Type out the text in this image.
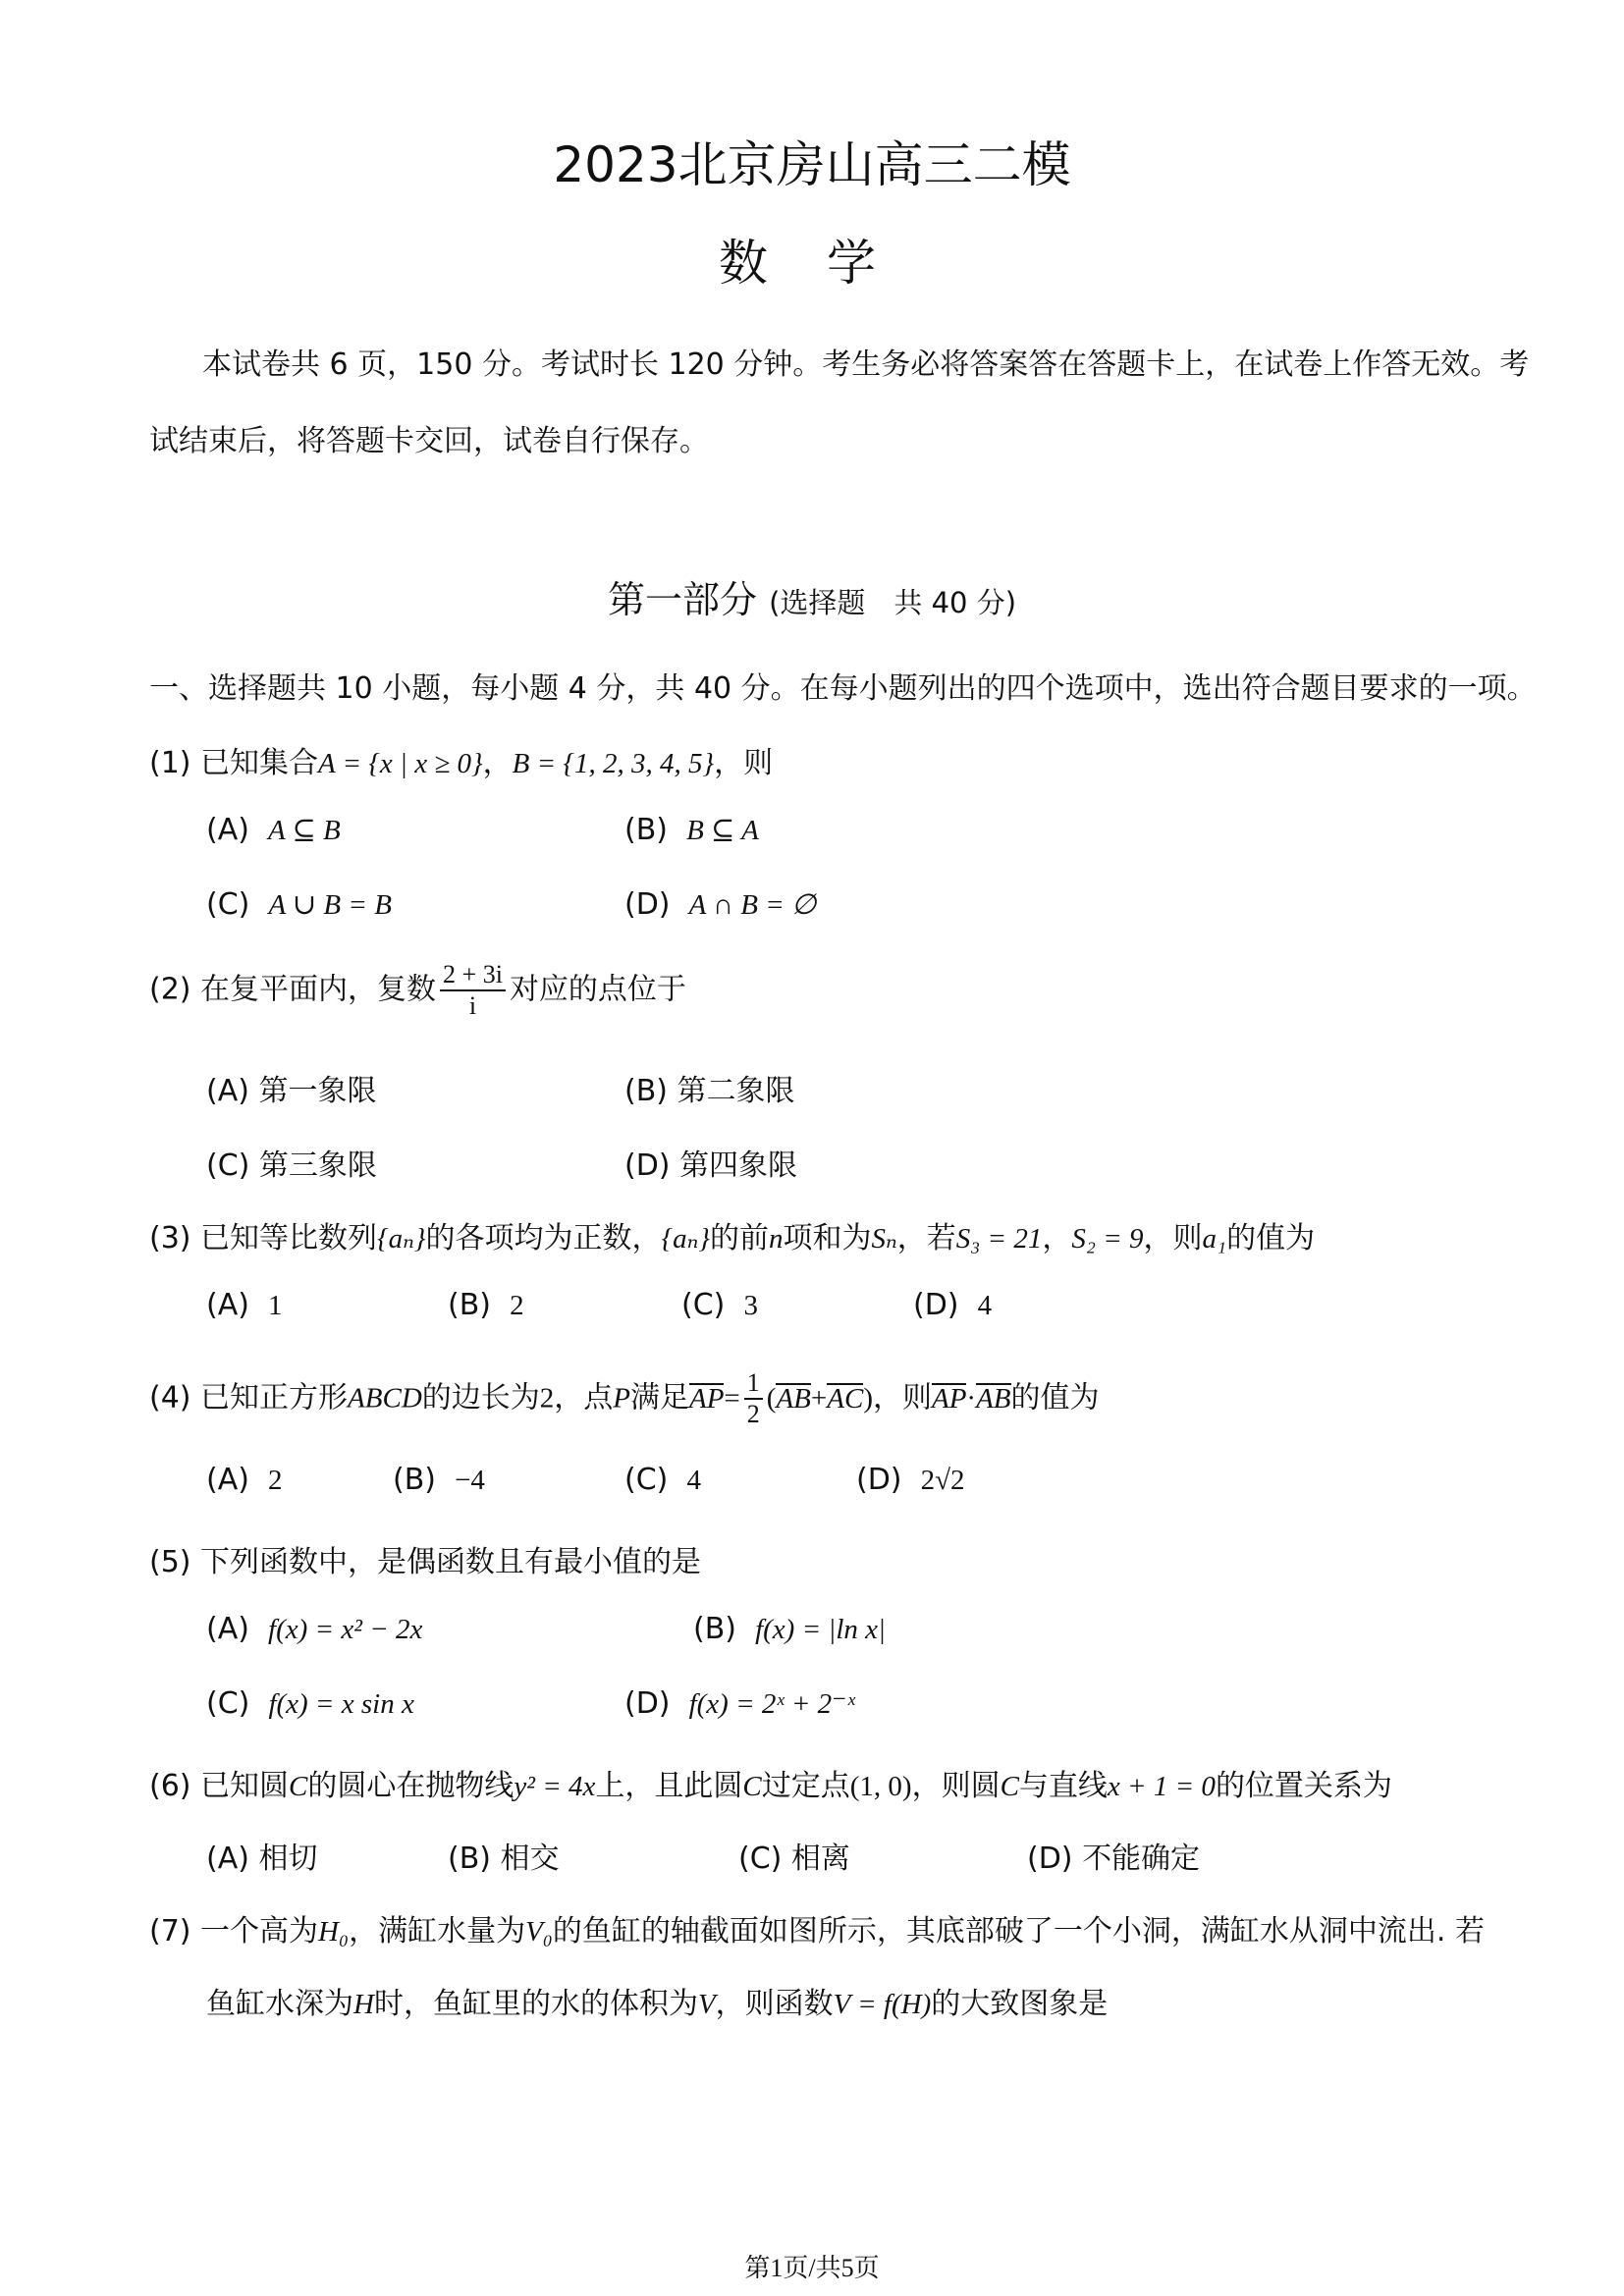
2023北京房山高三二模
数学
本试卷共 6 页，150 分。考试时长 120 分钟。考生务必将答案答在答题卡上，在试卷上作答无效。考
试结束后，将答题卡交回，试卷自行保存。
第一部分 (选择题　共 40 分)
一、选择题共 10 小题，每小题 4 分，共 40 分。在每小题列出的四个选项中，选出符合题目要求的一项。
(1) 已知集合A = {x | x ≥ 0}，B = {1, 2, 3, 4, 5}，则
(A) A ⊆ B	(B) B ⊆ A
(C) A ∪ B = B	(D) A ∩ B = ∅
(2) 在复平面内，复数 $\frac{2 + 3i}{i}$ 对应的点位于
(A) 第一象限	(B) 第二象限
(C) 第三象限	(D) 第四象限
(3) 已知等比数列{aₙ}的各项均为正数，{aₙ}的前n项和为Sₙ，若S₃ = 21，S₂ = 9，则a₁的值为
(A) 1	(B) 2	(C) 3	(D) 4
(4) 已知正方形ABCD的边长为2，点P满足$AP= \frac{1}{2} (AB+AC)$，则AP·AB的值为
(A) 2	(B) −4	(C) 4	(D) 2√2
(5) 下列函数中，是偶函数且有最小值的是
(A) f(x) = x² − 2x	(B) f(x) = |ln x|
(C) f(x) = x sin x	(D) f(x) = 2ˣ + 2⁻ˣ
(6) 已知圆C的圆心在抛物线y² = 4x上，且此圆C过定点(1, 0)，则圆C与直线x + 1 = 0的位置关系为
(A) 相切	(B) 相交	(C) 相离	(D) 不能确定
(7) 一个高为H₀，满缸水量为V₀的鱼缸的轴截面如图所示，其底部破了一个小洞，满缸水从洞中流出. 若
鱼缸水深为H时，鱼缸里的水的体积为V，则函数V = f(H)的大致图象是
第1页/共5页
